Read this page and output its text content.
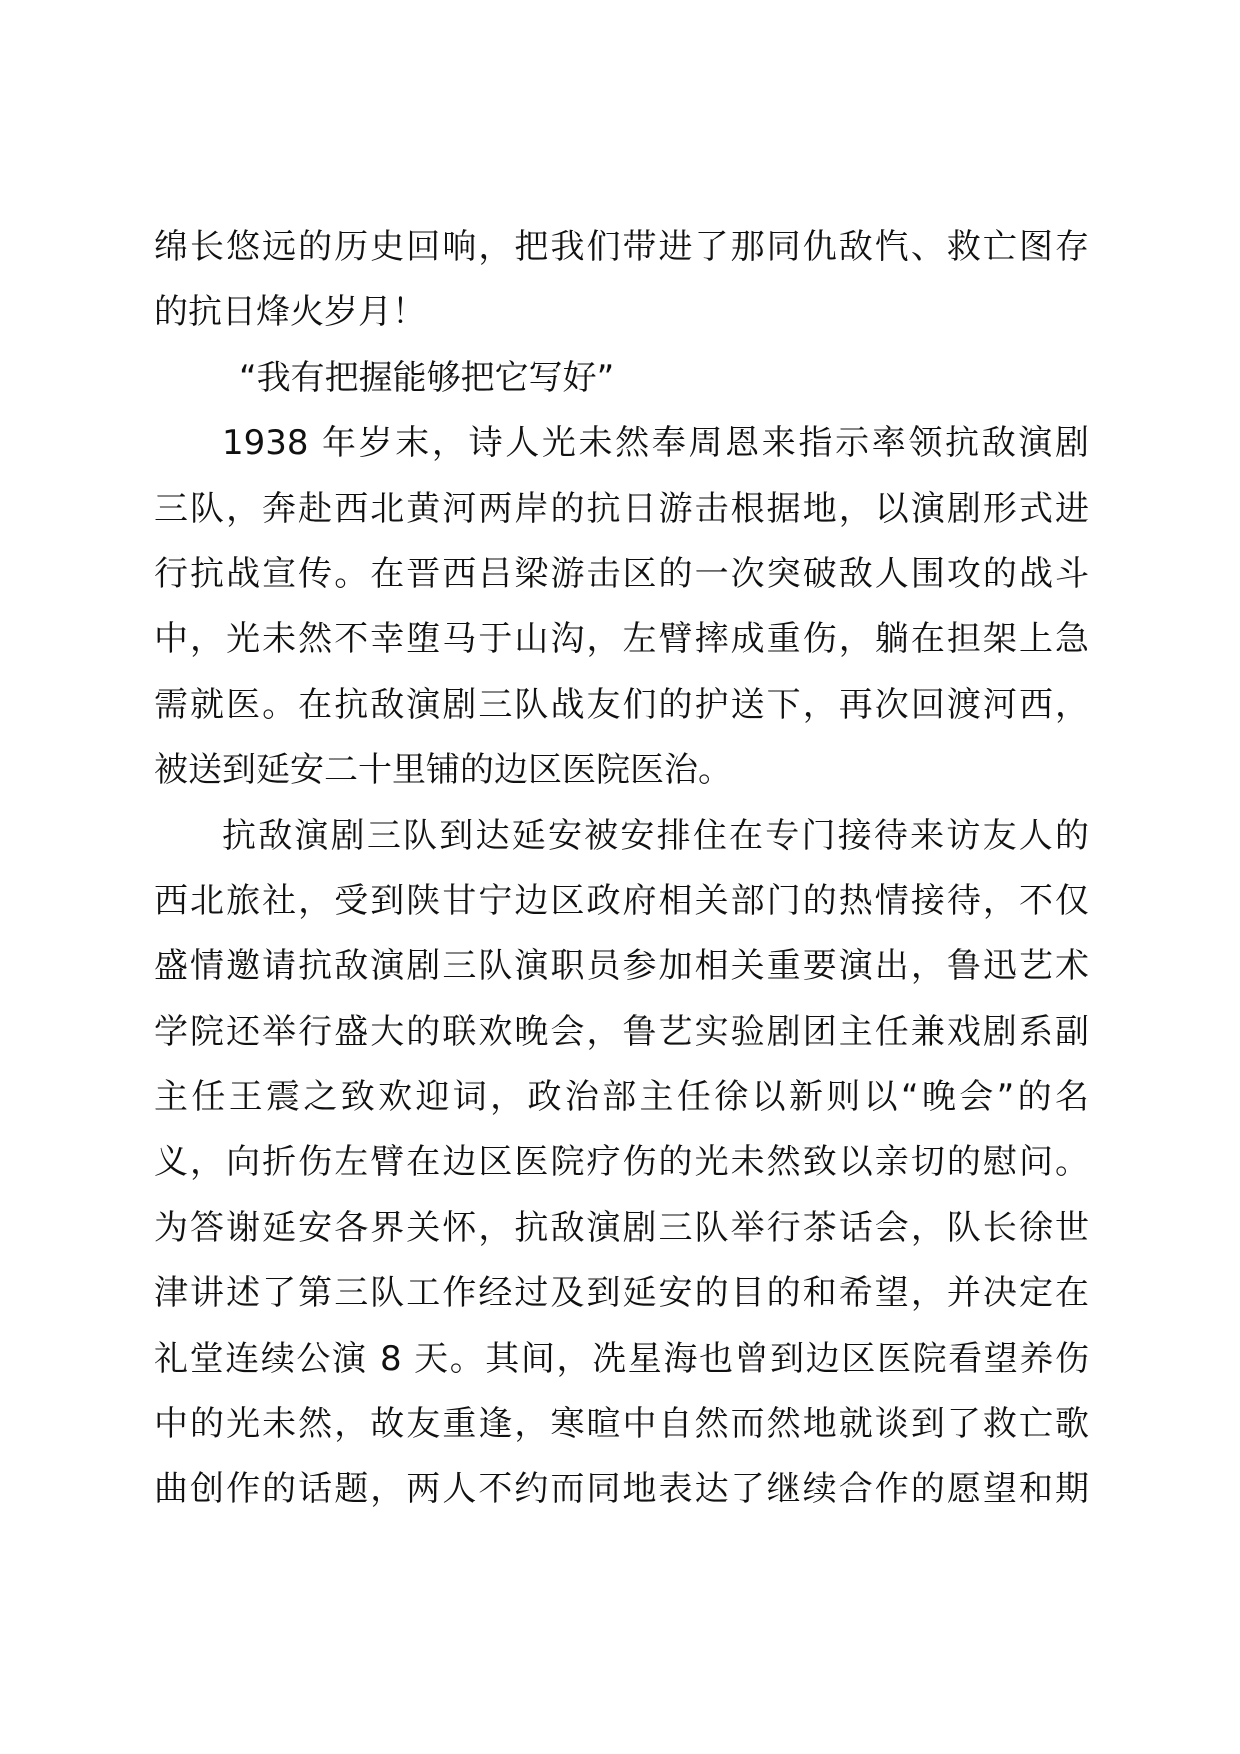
绵长悠远的历史回响，把我们带进了那同仇敌忾、救亡图存

的抗日烽火岁月！

“我有把握能够把它写好”

1938 年岁末，诗人光未然奉周恩来指示率领抗敌演剧

三队，奔赴西北黄河两岸的抗日游击根据地，以演剧形式进

行抗战宣传。在晋西吕梁游击区的一次突破敌人围攻的战斗

中，光未然不幸堕马于山沟，左臂摔成重伤，躺在担架上急

需就医。在抗敌演剧三队战友们的护送下，再次回渡河西，

被送到延安二十里铺的边区医院医治。

抗敌演剧三队到达延安被安排住在专门接待来访友人的

西北旅社，受到陕甘宁边区政府相关部门的热情接待，不仅

盛情邀请抗敌演剧三队演职员参加相关重要演出，鲁迅艺术

学院还举行盛大的联欢晚会，鲁艺实验剧团主任兼戏剧系副

主任王震之致欢迎词，政治部主任徐以新则以“晚会”的名

义，向折伤左臂在边区医院疗伤的光未然致以亲切的慰问。

为答谢延安各界关怀，抗敌演剧三队举行茶话会，队长徐世

津讲述了第三队工作经过及到延安的目的和希望，并决定在

礼堂连续公演 8 天。其间，冼星海也曾到边区医院看望养伤

中的光未然，故友重逢，寒暄中自然而然地就谈到了救亡歌

曲创作的话题，两人不约而同地表达了继续合作的愿望和期
